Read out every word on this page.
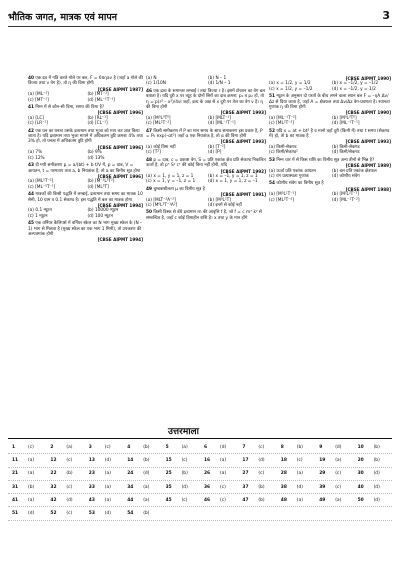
भौतिक जगत, मात्रक एवं मापन	3
40 एक द्रव में गति करते गोले पर बल, F = 6πηav है (जहाँ a गोले की त्रिज्या तथा v वेग है), तो η की विमा होगी
[CBSE AIPMT 1987]
(a) [ML⁻³]	(b) [MT⁻²]
(c) [MT⁻¹]	(d) [ML⁻¹T⁻¹]
41 निम्न में से कौन-सी विमा, समय की विमा है?
[CBSE AIPMT 1996]
(a) [LC]	(b) [RL⁻¹]
(c) [LR⁻¹]	(d) [CL⁻¹]
42 एक घन का घनत्व उसके द्रव्यमान तथा भुजा को माप कर ज्ञात किया जाता है। यदि द्रव्यमान तथा भुजा मापने में अधिकतम त्रुटि क्रमशः 4% तथा 3% हो, तो घनत्व में अधिकतम त्रुटि होगी
[CBSE AIPMT 1996]
(a) 7%	(b) 9%
(c) 12%	(d) 13%
43 दी गयी समीकरण p = a/(bt) + b t/V में, p = दाब, V = आयतन, t = परमताप तथा a, b नियतांक हैं, तो a का विमीय सूत्र होगा
[CBSE AIPMT 1996]
(a) [ML⁵T⁻²]	(b) [M⁻¹L⁵T²]
(c) [ML⁻⁵T⁻¹]	(d) [ML⁵T]
44 मात्रकों की किसी पद्धति में लम्बाई, द्रव्यमान तथा समय का मात्रक 10 सेमी, 10 ग्राम व 0.1 सेकण्ड है। इस पद्धति में बल का मात्रक होगा
[CBSE AIPMT 1994]
(a) 0.1 न्यूटन	(b) 10000 न्यूटन
(c) 1 न्यूटन	(d) 100 न्यूटन
45 एक वर्नियर कैलिपर्स में वर्नियर स्केल का N भाग मुख्य स्केल के (N – 1) भाग से मिलता है (मुख्य स्केल का एक भाग 1 मिमी), तो उपकरण की अल्पतमांक होगी
[CBSE AIPMT 1994]
(a) N	(b) N – 1
(c) 1/10N	(d) 1/N – 1
46 एक द्रव्य के समान्तर लम्बाई l तथा त्रिज्या r है। इसमें टोरशन का वेग बल बताता है। यदि दूरी x पर व्यूह के दोनों सिरों का दाब क्रमश: p₁ व p₂ हों, तो η = p(r² – x²)/4νl जहाँ, द्रव्य के अक्ष से x दूरी पर तेल का वेग v है। η की विमा होगी
[CBSE AIPMT 1993]
(a) [M⁰L⁰T⁰]	(b) [MLT⁻¹]
(c) [ML²T⁻²]	(d) [ML⁻¹T⁻¹]
47 किसी समीकरण में P का मान समय के साथ समाकरण इस प्रकार है, P = P₀ exp(–αt²) जहाँ α एक नियतांक है, तो α की विमा होगी
[CBSE AIPMT 1993]
(a) कोई विमा नहीं	(b) [T⁻²]
(c) [T²]	(d) [P]
48 p = दाब, c = प्रकाश वेग, S = प्रति एकांक क्षेत्र प्रति सेकण्ड निकलित ऊर्जा है, तो pˣ Sʸ cᶻ की कोई विमा नहीं होगी, यदि
[CBSE AIPMT 1992]
(a) x = 1, y = 1, z = 1	(b) x = –1, y = 1, z = 1
(c) x = 1, y = –1, z = 1	(d) x = 1, y = 1, z = –1
49 चुम्बकशीलता μ का विमीय सूत्र है
[CBSE AIPMT 1991]
(a) [MLT⁻²A⁻²]	(b) [M⁰L¹T]
(c) [M⁰L²T⁻¹A²]	(d) इनमें से कोई नहीं
50 किसी डिस्क से बँधे द्रव्यमान m की आवृत्ति f है, जो f = c mˣ kʸ से सम्बन्धित है, जहाँ c कोई विमाहीन राशि है। x तथा y के मान होंगे
[CBSE AIPMT 1990]
(a) x = 1/2, y = 1/2	(b) x = –1/2, y = –1/2
(c) x = 1/2, y = –1/2	(d) x = –1/2, y = 1/2
51 न्यूटन के अनुसार दो परतों के बीच लगने वाला श्यान बल F = –ηA Δv/Δz से दिया जाता है, जहाँ A = क्षेत्रफल तथा Δv/Δz वेग-प्रवणता है। श्यानता गुणांक η की विमा होगी
[CBSE AIPMT 1990]
(a) [ML⁻¹T⁻²]	(b) [M⁰L⁰T⁰]
(c) [ML²T⁻²]	(d) [ML⁻¹T⁻¹]
52 यदि x = at + bt² है व मानो वहाँ दूरी (किमी में) तथा t समय (सेकण्ड में) हो, तो b का मात्रक है
[CBSE AIPMT 1993]
(a) किमी-सेकण्ड	(b) किमी-सेकण्ड
(c) किमी/सेकण्ड²	(d) किमी/सेकण्ड
53 निम्न चार में से किस राशि का विमीय सूत्र अन्य तीनों से भिन्न है?
[CBSE AIPMT 1989]
(a) ऊर्जा प्रति एकांक आयतन	(b) बल प्रति एकांक क्षेत्रफल
(c) यंग प्रत्यास्थता गुणांक	(d) कोणीय संवेग
54 कोणीय संवेग का विमीय सूत्र है
[CBSE AIPMT 1988]
(a) [M⁰L¹T⁻¹]	(b) [M¹L²T⁻¹]
(c) [ML²T⁻²]	(d) [ML⁻¹T⁻²]
उत्तरमाला
1	(c)	2	(a)	3	(c)	4	(b)	5	(a)	6	(d)	7	(c)	8	(b)	9	(d)	10	(b)
11	(a)	12	(c)	13	(d)	14	(b)	15	(c)	16	(a)	17	(d)	18	(c)	19	(a)	20	(b)
21	(a)	22	(b)	23	(a)	24	(d)	25	(b)	26	(a)	27	(c)	28	(a)	29	(c)	30	(d)
31	(b)	32	(c)	33	(a)	34	(a)	35	(d)	36	(c)	37	(b)	38	(d)	39	(c)	40	(d)
41	(a)	42	(d)	43	(a)	44	(a)	45	(c)	46	(c)	47	(b)	48	(a)	49	(a)	50	(d)
51	(d)	52	(c)	53	(d)	54	(b)
